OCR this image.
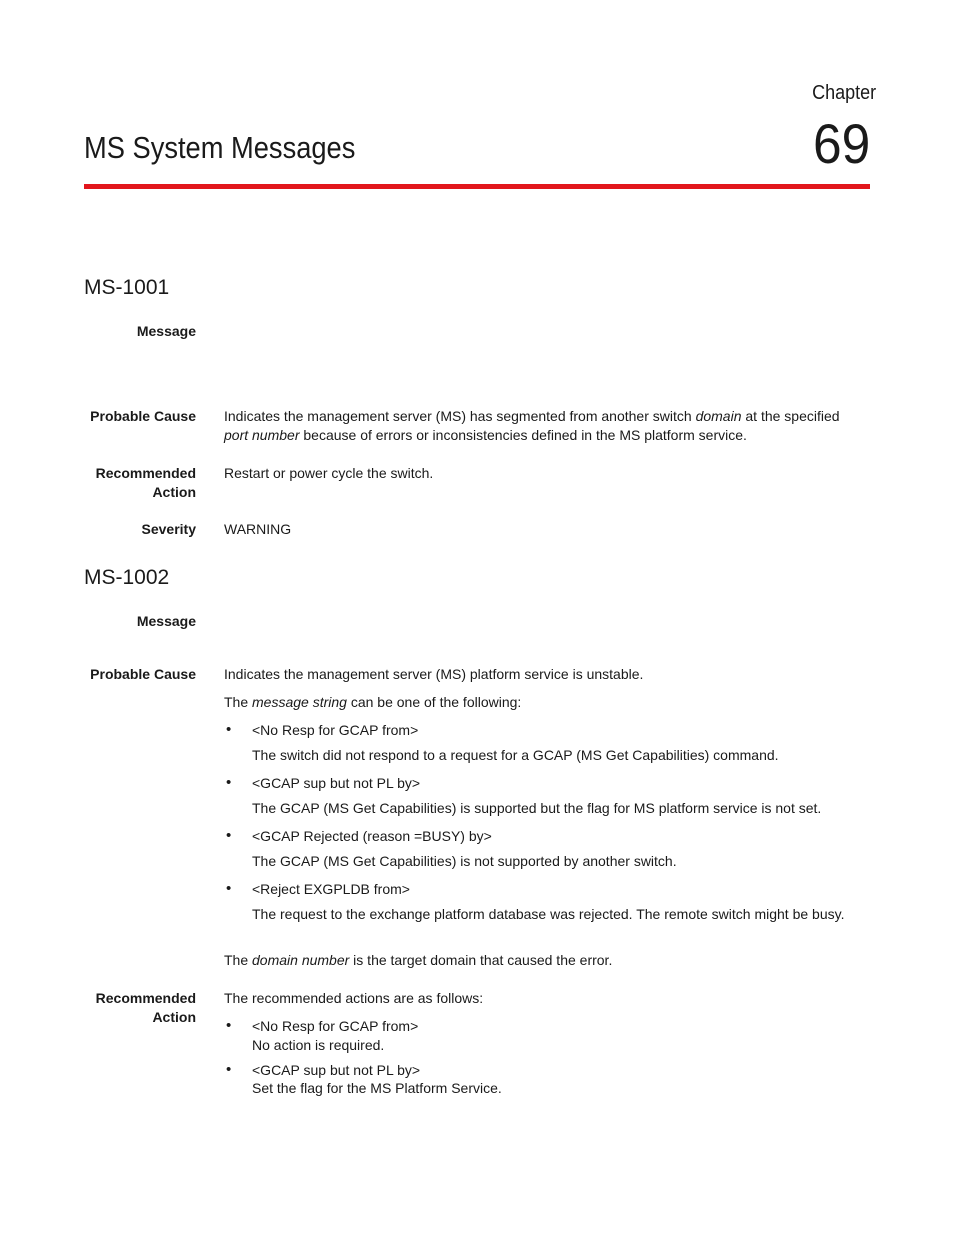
Chapter
69
MS System Messages
MS-1001
Message
Probable Cause Indicates the management server (MS) has segmented from another switch domain at the specified port number because of errors or inconsistencies defined in the MS platform service.

Recommended
Action
Restart or power cycle the switch.
Severity WARNING
MS-1002
Message
Probable Cause Indicates the management server (MS) platform service is unstable.

The message string can be one of the following:

• <No Resp for GCAP from>
The switch did not respond to a request for a GCAP (MS Get Capabilities) command.
• <GCAP sup but not PL by>
The GCAP (MS Get Capabilities) is supported but the flag for MS platform service is not set.
• <GCAP Rejected (reason =BUSY) by>
The GCAP (MS Get Capabilities) is not supported by another switch.
• <Reject EXGPLDB from>
The request to the exchange platform database was rejected. The remote switch might be busy.

The domain number is the target domain that caused the error.

Recommended
Action
The recommended actions are as follows:
• <No Resp for GCAP from>
No action is required.
• <GCAP sup but not PL by>
Set the flag for the MS Platform Service.
